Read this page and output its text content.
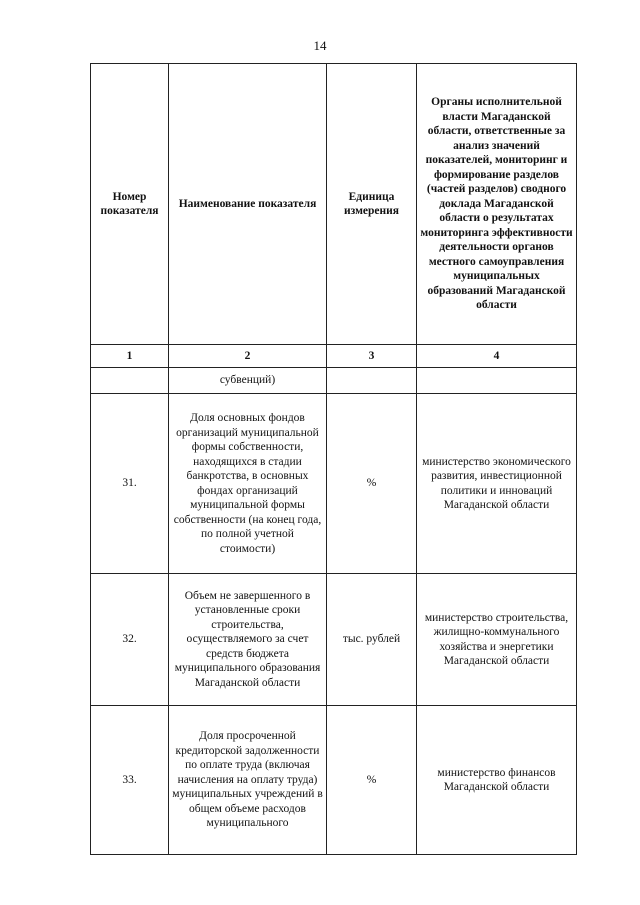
14
Номер показателя	Наименование показателя	Единица измерения	Органы исполнительной власти Магаданской области, ответственные за анализ значений показателей, мониторинг и формирование разделов (частей разделов) сводного доклада Магаданской области о результатах мониторинга эффективности деятельности органов местного самоуправления муниципальных образований Магаданской области
1	2	3	4
	субвенций)		
31.	Доля основных фондов организаций муниципальной формы собственности, находящихся в стадии банкротства, в основных фондах организаций муниципальной формы собственности (на конец года, по полной учетной стоимости)	%	министерство экономического развития, инвестиционной политики и инноваций Магаданской области
32.	Объем не завершенного в установленные сроки строительства, осуществляемого за счет средств бюджета муниципального образования Магаданской области	тыс. рублей	министерство строительства, жилищно-коммунального хозяйства и энергетики Магаданской области
33.	Доля просроченной кредиторской задолженности по оплате труда (включая начисления на оплату труда) муниципальных учреждений в общем объеме расходов муниципального	%	министерство финансов Магаданской области
